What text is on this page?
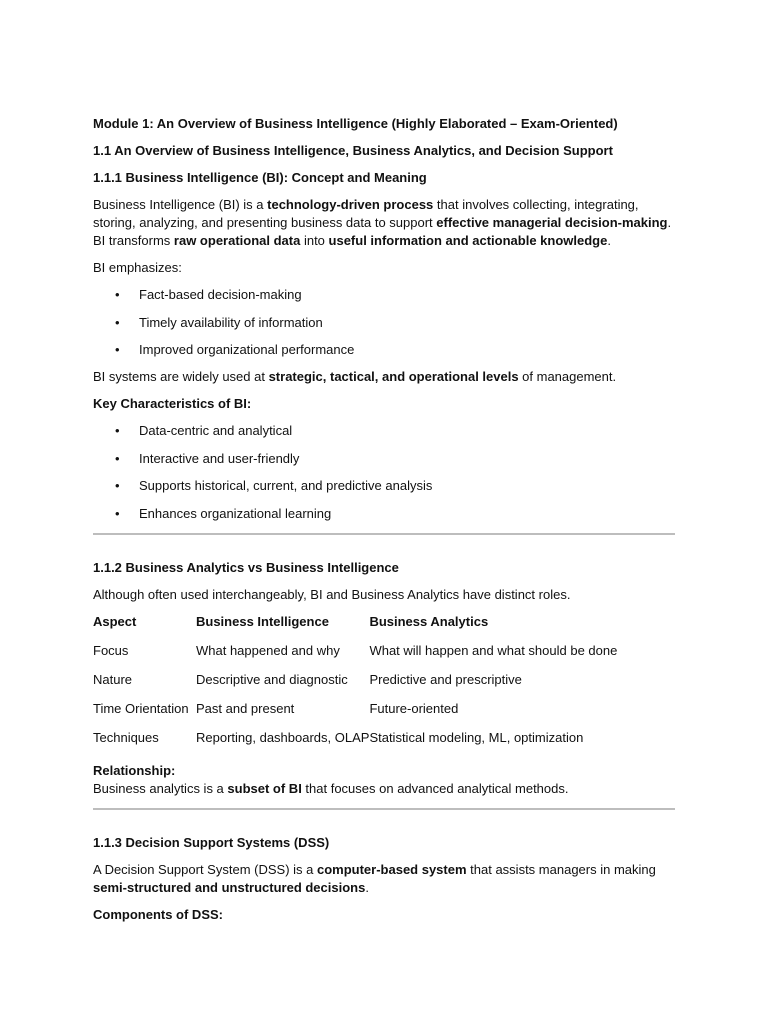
Module 1: An Overview of Business Intelligence (Highly Elaborated – Exam-Oriented)

1.1 An Overview of Business Intelligence, Business Analytics, and Decision Support

1.1.1 Business Intelligence (BI): Concept and Meaning

Business Intelligence (BI) is a technology-driven process that involves collecting, integrating, storing, analyzing, and presenting business data to support effective managerial decision-making. BI transforms raw operational data into useful information and actionable knowledge.

BI emphasizes:

• Fact-based decision-making
• Timely availability of information
• Improved organizational performance

BI systems are widely used at strategic, tactical, and operational levels of management.

Key Characteristics of BI:

• Data-centric and analytical
• Interactive and user-friendly
• Supports historical, current, and predictive analysis
• Enhances organizational learning

1.1.2 Business Analytics vs Business Intelligence

Although often used interchangeably, BI and Business Analytics have distinct roles.

Aspect	Business Intelligence	Business Analytics
Focus	What happened and why	What will happen and what should be done
Nature	Descriptive and diagnostic	Predictive and prescriptive
Time Orientation	Past and present	Future-oriented
Techniques	Reporting, dashboards, OLAP	Statistical modeling, ML, optimization

Relationship:

Business analytics is a subset of BI that focuses on advanced analytical methods.

1.1.3 Decision Support Systems (DSS)

A Decision Support System (DSS) is a computer-based system that assists managers in making semi-structured and unstructured decisions.

Components of DSS:
